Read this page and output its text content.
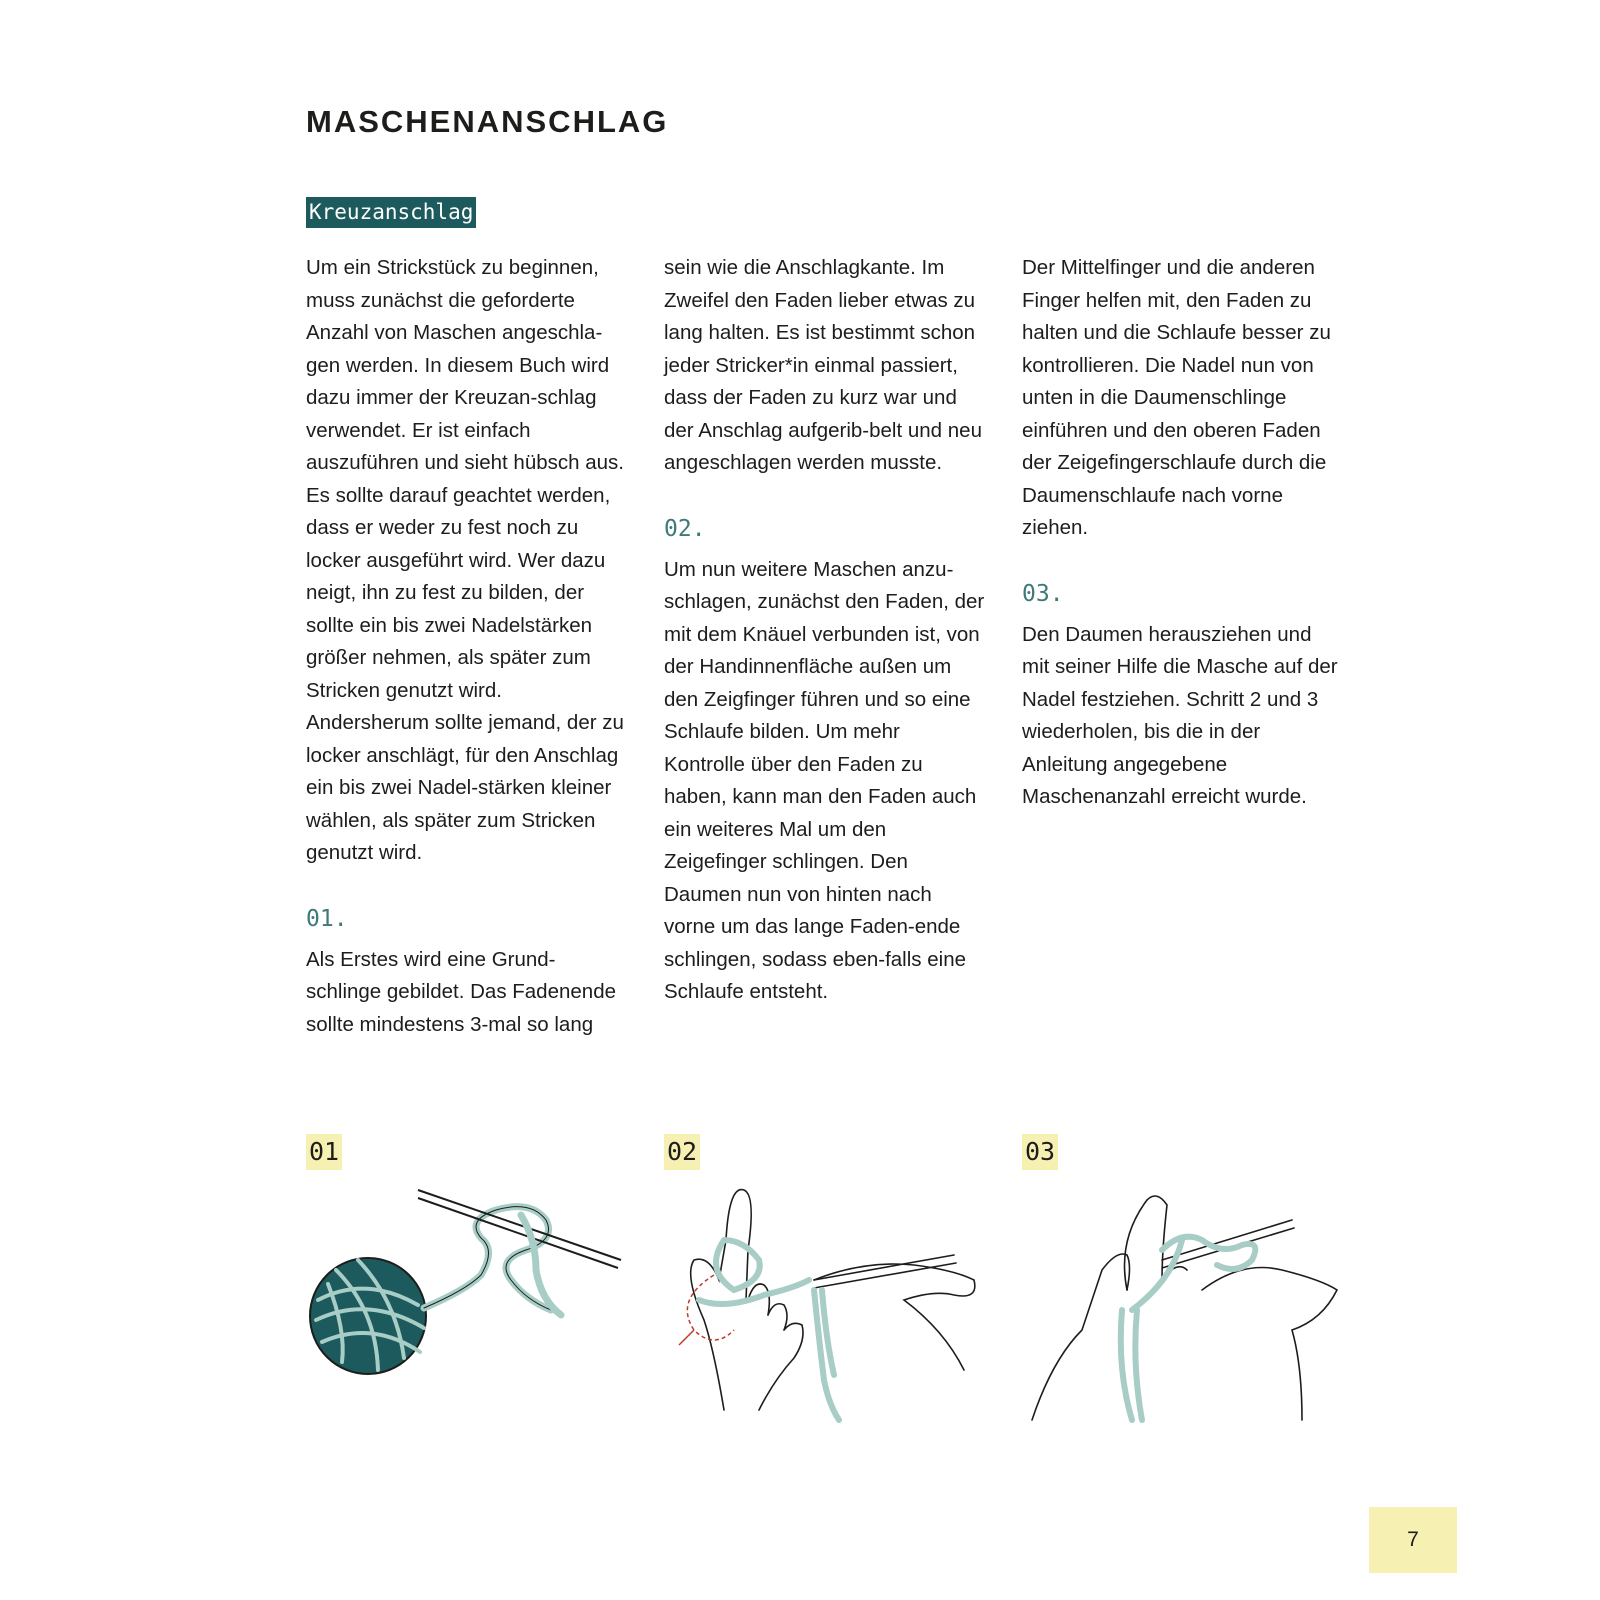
MASCHENANSCHLAG
Kreuzanschlag

Um ein Strickstück zu beginnen, muss zunächst die geforderte Anzahl von Maschen angeschla-gen werden. In diesem Buch wird dazu immer der Kreuzan-schlag verwendet. Er ist einfach auszuführen und sieht hübsch aus. Es sollte darauf geachtet werden, dass er weder zu fest noch zu locker ausgeführt wird. Wer dazu neigt, ihn zu fest zu bilden, der sollte ein bis zwei Nadelstärken größer nehmen, als später zum Stricken genutzt wird. Andersherum sollte jemand, der zu locker anschlägt, für den Anschlag ein bis zwei Nadel-stärken kleiner wählen, als später zum Stricken genutzt wird.

01.

Als Erstes wird eine Grund-schlinge gebildet. Das Fadenende sollte mindestens 3-mal so lang

sein wie die Anschlagkante. Im Zweifel den Faden lieber etwas zu lang halten. Es ist bestimmt schon jeder Stricker*in einmal passiert, dass der Faden zu kurz war und der Anschlag aufgerib-belt und neu angeschlagen werden musste.

02.

Um nun weitere Maschen anzu-schlagen, zunächst den Faden, der mit dem Knäuel verbunden ist, von der Handinnenfläche außen um den Zeigfinger führen und so eine Schlaufe bilden. Um mehr Kontrolle über den Faden zu haben, kann man den Faden auch ein weiteres Mal um den Zeigefinger schlingen. Den Daumen nun von hinten nach vorne um das lange Faden-ende schlingen, sodass eben-falls eine Schlaufe entsteht.

Der Mittelfinger und die anderen Finger helfen mit, den Faden zu halten und die Schlaufe besser zu kontrollieren. Die Nadel nun von unten in die Daumenschlinge einführen und den oberen Faden der Zeigefingerschlaufe durch die Daumenschlaufe nach vorne ziehen.

03.

Den Daumen herausziehen und mit seiner Hilfe die Masche auf der Nadel festziehen. Schritt 2 und 3 wiederholen, bis die in der Anleitung angegebene Maschenanzahl erreicht wurde.

01	02	03
7
